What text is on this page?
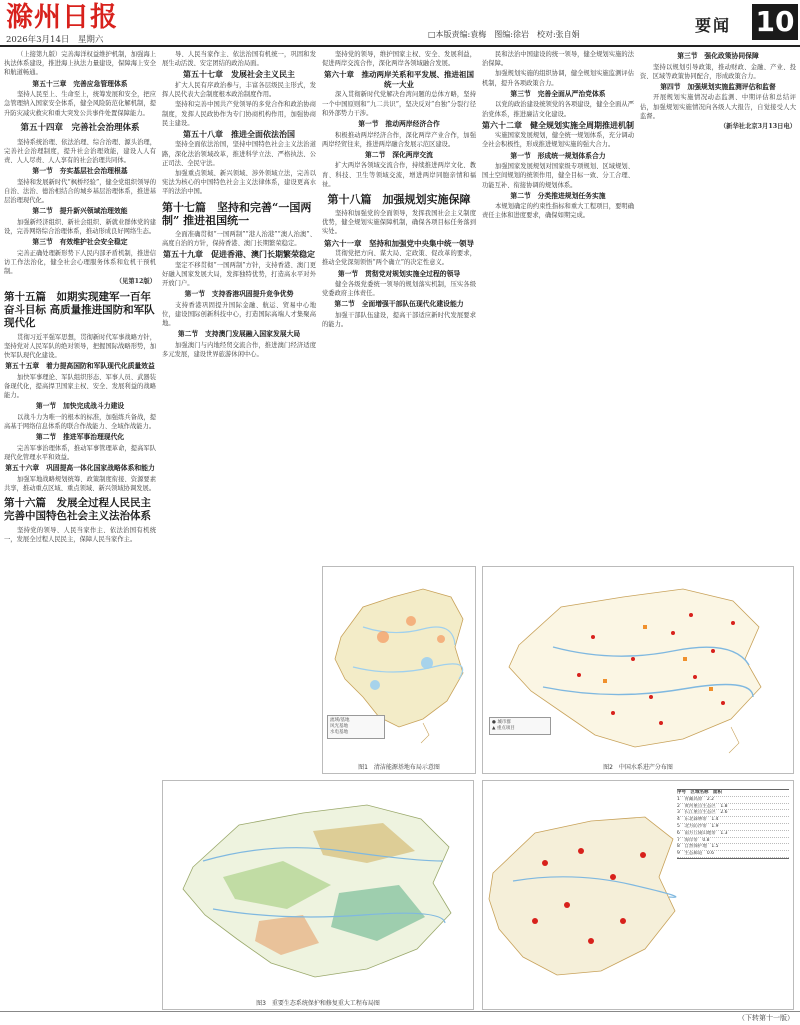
滁州日报
2026年3月14日　星期六
□本版责编:袁梅　图编:徐岩　校对:张自娟	要闻 10

（上接第九版）完善海洋权益维护机制，加强海上执法体系建设，推进海上执法力量建设，保障海上安全和航道畅通。

第五十三章　完善应急管理体系

坚持人民至上、生命至上，统筹发展和安全，把应急管理纳入国家安全体系，健全风险防范化解机制，提升防灾减灾救灾和重大突发公共事件处置保障能力。

第五十四章　完善社会治理体系

坚持系统治理、依法治理、综合治理、源头治理，完善社会治理制度，提升社会治理效能，建设人人有责、人人尽责、人人享有的社会治理共同体。

第一节　夯实基层社会治理根基

坚持和发展新时代“枫桥经验”，健全党组织领导的自治、法治、德治相结合的城乡基层治理体系，推进基层治理现代化。

第二节　提升新兴领域治理效能

加强新经济组织、新社会组织、新就业群体党的建设，完善网络综合治理体系，推动形成良好网络生态。

第三节　有效维护社会安全稳定

完善正确处理新形势下人民内部矛盾机制，推进信访工作法治化，健全社会心理服务体系和危机干预机制。

（见第12版）

第十五篇　如期实现建军一百年奋斗目标 高质量推进国防和军队现代化

贯彻习近平强军思想，贯彻新时代军事战略方针，坚持党对人民军队的绝对领导，把握国际战略形势，加快军队现代化建设。

第五十五章　着力提高国防和军队现代化质量效益

加快军事理论、军队组织形态、军事人员、武器装备现代化，提高捍卫国家主权、安全、发展利益的战略能力。

第一节　加快完成战斗力建设

以战斗力为唯一的根本的标准，加强练兵备战，提高基于网络信息体系的联合作战能力、全域作战能力。

第二节　推进军事治理现代化

完善军事治理体系，推动军事管理革命，提高军队现代化管理水平和效益。

第五十六章　巩固提高一体化国家战略体系和能力

加强军地战略规划统筹、政策制度衔接、资源要素共享，推动重点区域、重点领域、新兴领域协调发展。

第十六篇　发展全过程人民民主 完善中国特色社会主义法治体系

坚持党的领导、人民当家作主、依法治国有机统一，发展全过程人民民主，保障人民当家作主。

导、人民当家作主、依法治国有机统一，巩固和发展生动活泼、安定团结的政治局面。

第五十七章　发展社会主义民主

扩大人民有序政治参与，丰富各层级民主形式，发挥人民代表大会制度根本政治制度作用。

坚持和完善中国共产党领导的多党合作和政治协商制度，发挥人民政协作为专门协商机构作用，加强协商民主建设。

第五十八章　推进全面依法治国

坚持全面依法治国，坚持中国特色社会主义法治道路，深化法治领域改革，推进科学立法、严格执法、公正司法、全民守法。

加强重点领域、新兴领域、涉外领域立法，完善以宪法为核心的中国特色社会主义法律体系，建设更高水平的法治中国。

第十七篇　坚持和完善“一国两制” 推进祖国统一

全面准确贯彻“一国两制”“港人治港”“澳人治澳”、高度自治的方针，保持香港、澳门长期繁荣稳定。

第五十九章　促进香港、澳门长期繁荣稳定

坚定不移贯彻“一国两制”方针，支持香港、澳门更好融入国家发展大局，发挥独特优势，打造高水平对外开放门户。

第一节　支持香港巩固提升竞争优势

支持香港巩固提升国际金融、航运、贸易中心地位，建设国际创新科技中心，打造国际高端人才集聚高地。

第二节　支持澳门发展融入国家发展大局

加强澳门与内地经贸交流合作，推进澳门经济适度多元发展，建设世界旅游休闲中心。

坚持党的领导，维护国家主权、安全、发展利益，促进两岸交流合作，深化两岸各领域融合发展。

第六十章　推动两岸关系和平发展、推进祖国统一大业

深入贯彻新时代党解决台湾问题的总体方略，坚持一个中国原则和“九二共识”，坚决反对“台独”分裂行径和外部势力干涉。

第一节　推动两岸经济合作

积极推动两岸经济合作，深化两岸产业合作，加强两岸经贸往来，推进两岸融合发展示范区建设。

第二节　深化两岸交流

扩大两岸各领域交流合作，持续推进两岸文化、教育、科技、卫生等领域交流，增进两岸同胞亲情和福祉。

第十八篇　加强规划实施保障

坚持和加强党的全面领导，发挥我国社会主义制度优势，健全规划实施保障机制，确保各项目标任务落到实处。

第六十一章　坚持和加强党中央集中统一领导

贯彻党把方向、谋大局、定政策、促改革的要求，推动全党深刻领悟“两个确立”的决定性意义。

第一节　贯彻党对规划实施全过程的领导

健全各级党委统一领导的规划落实机制，压实各级党委政府主体责任。

第二节　全面增强干部队伍现代化建设能力

加强干部队伍建设，提高干部适应新时代发展要求的能力。

民和法治中国建设的统一领导，健全规划实施的法治保障。

加强规划实施的组织协调，健全规划实施监测评估机制，提升各项政策合力。

第三节　完善全面从严治党体系

以党的政治建设统领党的各项建设，健全全面从严治党体系，推进廉洁文化建设。

第六十二章　健全规划实施全周期推进机制

实施国家发展规划，健全统一规划体系，充分调动全社会积极性，形成推进规划实施的强大合力。

第一节　形成统一规划体系合力

加强国家发展规划对国家级专项规划、区域规划、国土空间规划的统领作用，健全目标一致、分工合理、功能互补、衔接协调的规划体系。

第二节　分类推进规划任务实施

本规划确定的约束性指标和重大工程项目，要明确责任主体和进度要求，确保如期完成。

第三节　强化政策协同保障

坚持以规划引导政策，推动财政、金融、产业、投资、区域等政策协同配合，形成政策合力。

第四节　加强规划实施监测评估和监督

开展规划实施情况动态监测、中期评估和总结评估，加强规划实施情况向各级人大报告，自觉接受人大监督。

（新华社北京3月13日电）

流域/基地
风光基地
水电基地
图1　清洁能源基地布局示意图
● 城市群
▲ 重点项目
图2　中国水系进产分布图
图3　重要生态系统保护和修复重大工程布局图
序号　区域名称　面积
1　青藏高原　2.2
2　黄河重点生态区　1.8
3　长江重点生态区　2.6
4　东北森林带　1.4
5　北方防沙带　1.9
6　南方丘陵山地带　1.3
7　海岸带　0.8
8　自然保护地　1.5
9　生态廊道　0.6
（下转第十一版）
